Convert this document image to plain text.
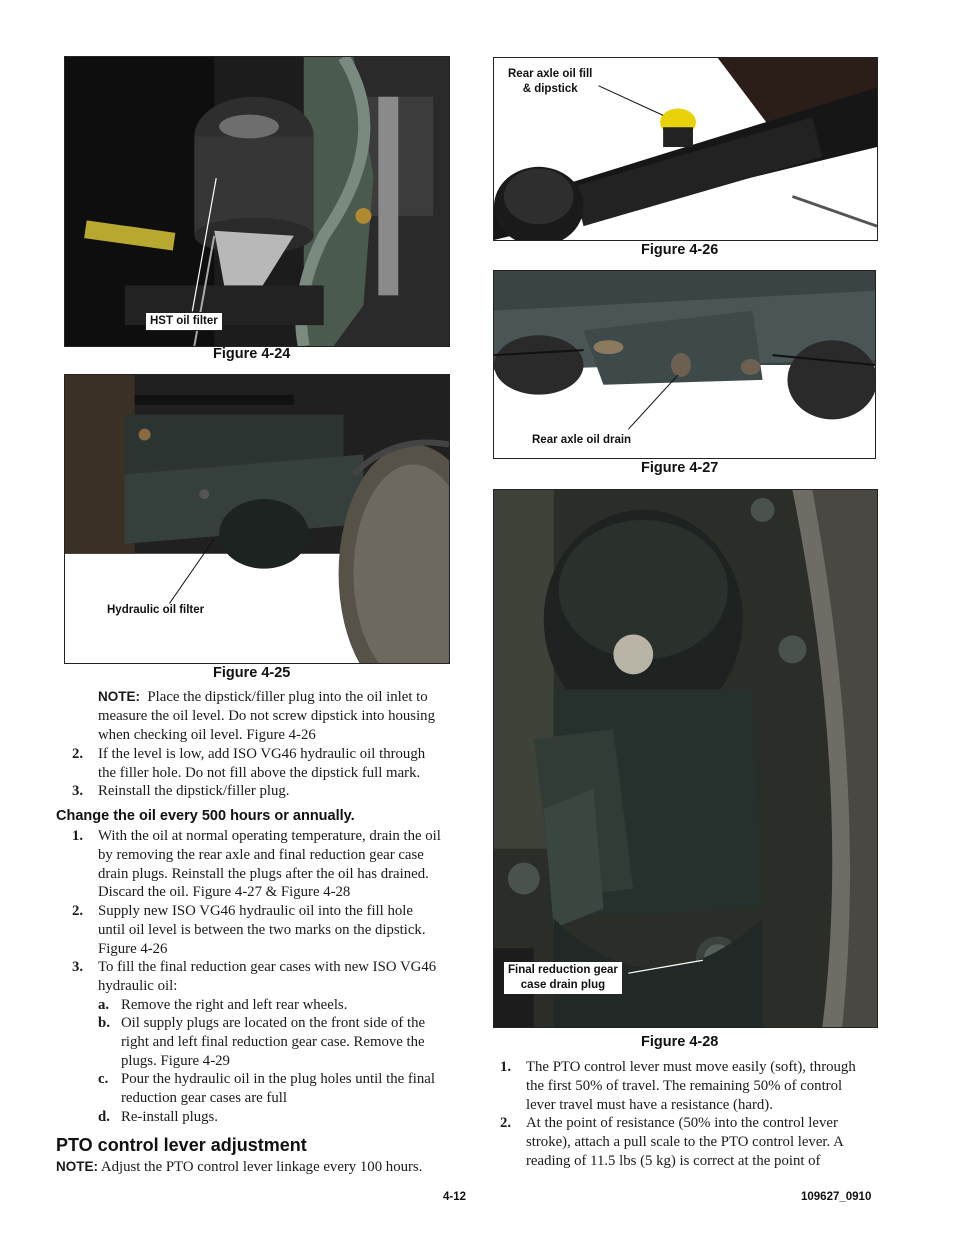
HST oil filter
Figure 4-24
Hydraulic oil filter
Figure 4-25
Rear axle oil fill
& dipstick
Figure 4-26
Rear axle oil drain
Figure 4-27
Final reduction gear
case drain plug
Figure 4-28
NOTE: Place the dipstick/filler plug into the oil inlet to
measure the oil level. Do not screw dipstick into housing
when checking oil level. Figure 4-26
2. If the level is low, add ISO VG46 hydraulic oil through
the filler hole. Do not fill above the dipstick full mark.
3. Reinstall the dipstick/filler plug.
Change the oil every 500 hours or annually.
1. With the oil at normal operating temperature, drain the oil
by removing the rear axle and final reduction gear case
drain plugs. Reinstall the plugs after the oil has drained.
Discard the oil. Figure 4-27 & Figure 4-28
2. Supply new ISO VG46 hydraulic oil into the fill hole
until oil level is between the two marks on the dipstick.
Figure 4-26
3. To fill the final reduction gear cases with new ISO VG46
hydraulic oil:
a. Remove the right and left rear wheels.
b. Oil supply plugs are located on the front side of the
right and left final reduction gear case. Remove the
plugs. Figure 4-29
c. Pour the hydraulic oil in the plug holes until the final
reduction gear cases are full
d. Re-install plugs.
PTO control lever adjustment
NOTE: Adjust the PTO control lever linkage every 100 hours.
1. The PTO control lever must move easily (soft), through
the first 50% of travel. The remaining 50% of control
lever travel must have a resistance (hard).
2. At the point of resistance (50% into the control lever
stroke), attach a pull scale to the PTO control lever. A
reading of 11.5 lbs (5 kg) is correct at the point of
4-12	109627_0910
